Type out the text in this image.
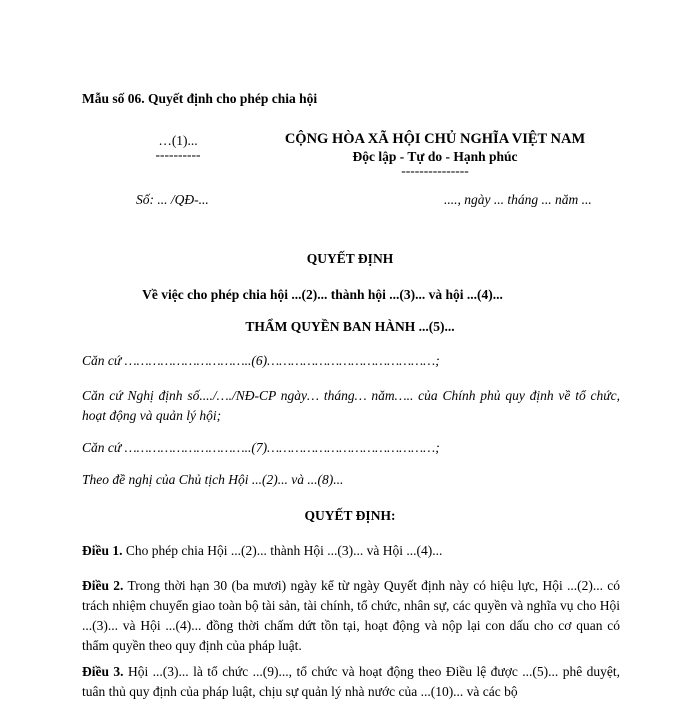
Mẫu số 06. Quyết định cho phép chia hội
…(1)...
----------
CỘNG HÒA XÃ HỘI CHỦ NGHĨA VIỆT NAM
Độc lập - Tự do - Hạnh phúc
---------------
Số: ... /QĐ-...	...., ngày ... tháng ... năm ...
QUYẾT ĐỊNH
Về việc cho phép chia hội ...(2)... thành hội ...(3)... và hội ...(4)...
THẨM QUYỀN BAN HÀNH ...(5)...
Căn cứ …………………………..(6)……………………………………;
Căn cứ Nghị định số..../…./NĐ-CP ngày… tháng… năm….. của Chính phủ quy định về tổ chức, hoạt động và quản lý hội;
Căn cứ …………………………..(7)……………………………………;
Theo đề nghị của Chủ tịch Hội ...(2)... và ...(8)...
QUYẾT ĐỊNH:
Điều 1. Cho phép chia Hội ...(2)... thành Hội ...(3)... và Hội ...(4)...
Điều 2. Trong thời hạn 30 (ba mươi) ngày kể từ ngày Quyết định này có hiệu lực, Hội ...(2)... có trách nhiệm chuyển giao toàn bộ tài sản, tài chính, tổ chức, nhân sự, các quyền và nghĩa vụ cho Hội ...(3)... và Hội ...(4)... đồng thời chấm dứt tồn tại, hoạt động và nộp lại con dấu cho cơ quan có thẩm quyền theo quy định của pháp luật.
Điều 3. Hội ...(3)... là tổ chức ...(9)..., tổ chức và hoạt động theo Điều lệ được ...(5)... phê duyệt, tuân thủ quy định của pháp luật, chịu sự quản lý nhà nước của ...(10)... và các bộ
